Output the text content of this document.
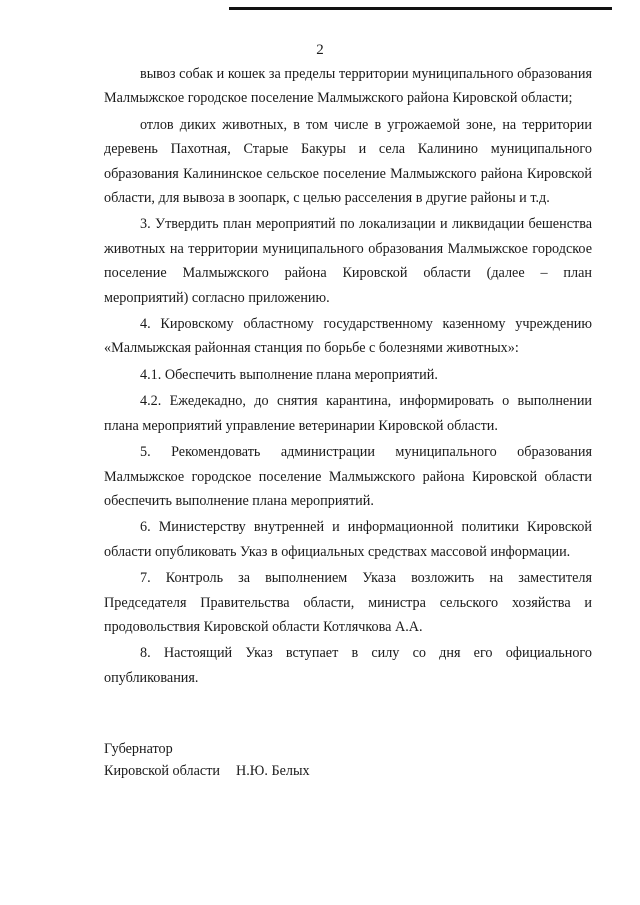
2

вывоз собак и кошек за пределы территории муниципального образования Малмыжское городское поселение Малмыжского района Кировской области;

отлов диких животных, в том числе в угрожаемой зоне, на территории деревень Пахотная, Старые Бакуры и села Калинино муниципального образования Калининское сельское поселение Малмыжского района Кировской области, для вывоза в зоопарк, с целью расселения в другие районы и т.д.

3. Утвердить план мероприятий по локализации и ликвидации бешенства животных на территории муниципального образования Малмыжское городское поселение Малмыжского района Кировской области (далее – план мероприятий) согласно приложению.

4. Кировскому областному государственному казенному учреждению «Малмыжская районная станция по борьбе с болезнями животных»:

4.1. Обеспечить выполнение плана мероприятий.

4.2. Ежедекадно, до снятия карантина, информировать о выполнении плана мероприятий управление ветеринарии Кировской области.

5. Рекомендовать администрации муниципального образования Малмыжское городское поселение Малмыжского района Кировской области обеспечить выполнение плана мероприятий.

6. Министерству внутренней и информационной политики Кировской области опубликовать Указ в официальных средствах массовой информации.

7. Контроль за выполнением Указа возложить на заместителя Председателя Правительства области, министра сельского хозяйства и продовольствия Кировской области Котлячкова А.А.

8. Настоящий Указ вступает в силу со дня его официального опубликования.

Губернатор
Кировской области Н.Ю. Белых
